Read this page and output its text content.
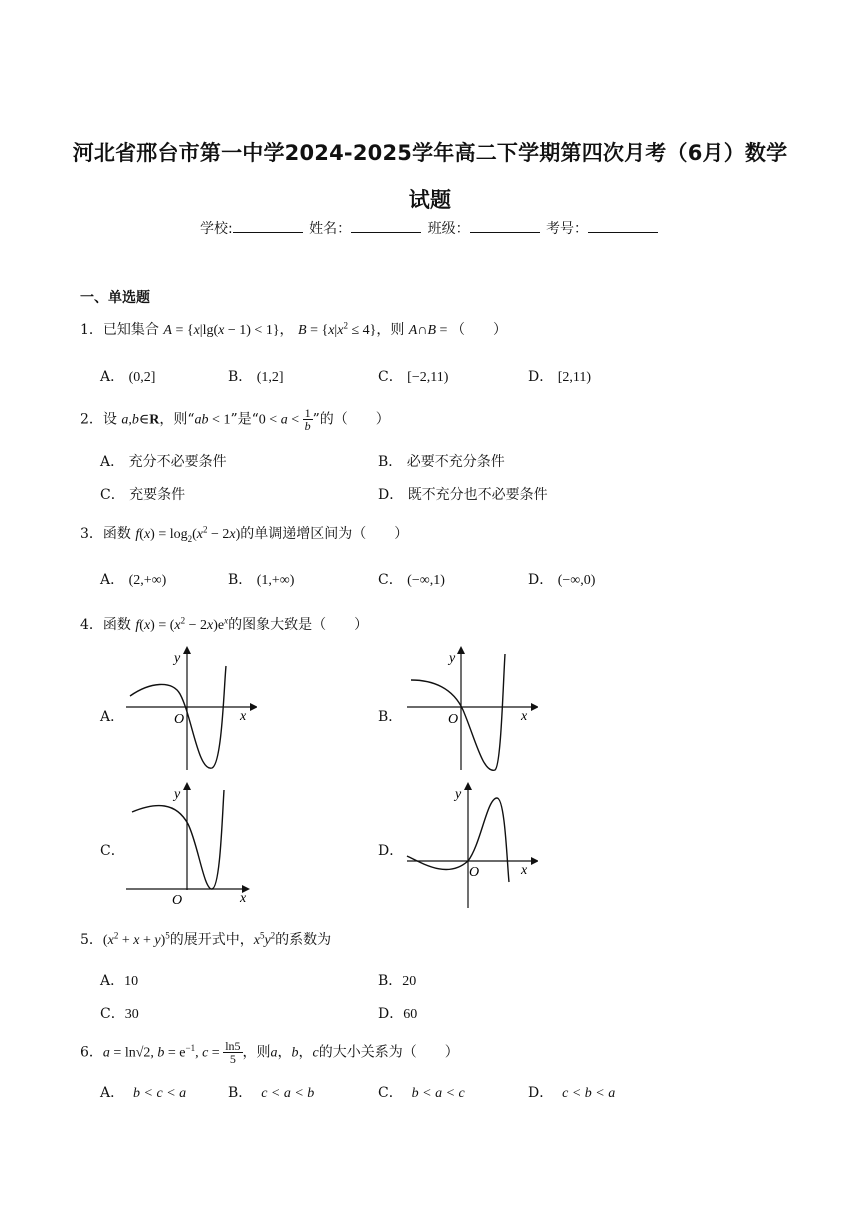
河北省邢台市第一中学2024-2025学年高二下学期第四次月考（6月）数学
试题
学校:	姓名：	班级：	考号：
一、单选题
1．已知集合 A = {x|lg(x − 1) < 1}， $B = \{x|x^2 \le 4\}$，则 A∩B = （　　）
A． (0,2]	B． (1,2]	C． [−2,11)	D． [2,11)
2．设 a,b∈R，则“ab < 1”是“$0 < a < \frac{1}{b}$ ”的（　　）
A． 充分不必要条件	B． 必要不充分条件
C． 充要条件	D． 既不充分也不必要条件
3．函数 $f(x) = \log_2(x^2 - 2x)$的单调递增区间为（　　）
A． (2,+∞)	B． (1,+∞)	C． (−∞,1)	D． (−∞,0)
4．函数 $f(x) = (x^2 - 2x)e^x$的图象大致是（　　）
A．
y
x
O	B．
y
x
O
C．
y
x
O
D．
y
x
O
5．$(x^2 + x + y)^5$的展开式中，$x^5y^2$的系数为
A．10	B．20
C．30	D．60
6．a = ln√2, $b = e^{-1}$, $c = \frac{\ln 5}{5}$ ，则a，b，c的大小关系为（　　）
A． b < c < a	B． c < a < b	C． b < a < c	D． c < b < a
